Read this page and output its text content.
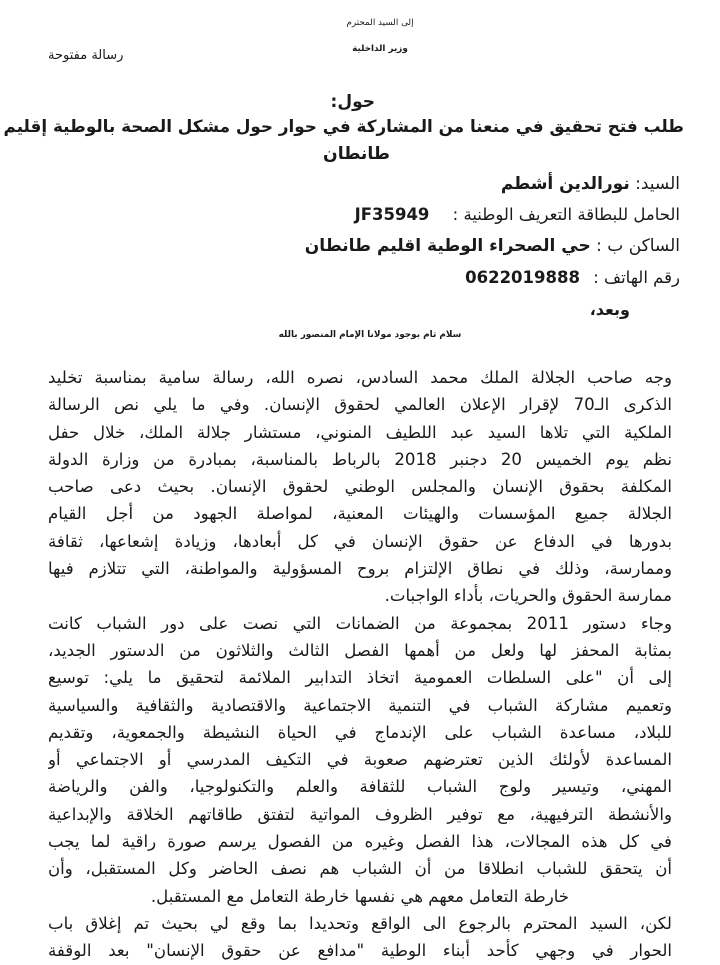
إلى السيد المحترم
وزير الداخلية
رسالة مفتوحة
حول:
طلب فتح تحقيق في منعنا من المشاركة في حوار حول مشكل الصحة بالوطية إقليم
طانطان
السيد: نورالدين أشطم
الحامل للبطاقة التعريف الوطنية : JF35949
الساكن ب : حي الصحراء الوطية اقليم طانطان
رقم الهاتف : 0622019888
وبعد،
سلام تام بوجود مولانا الإمام المنصور بالله
وجه صاحب الجلالة الملك محمد السادس، نصره الله، رسالة سامية بمناسبة تخليد
الذكرى الـ70 لإقرار الإعلان العالمي لحقوق الإنسان. وفي ما يلي نص الرسالة
الملكية التي تلاها السيد عبد اللطيف المنوني، مستشار جلالة الملك، خلال حفل
نظم يوم الخميس 20 دجنبر 2018 بالرباط بالمناسبة، بمبادرة من وزارة الدولة
المكلفة بحقوق الإنسان والمجلس الوطني لحقوق الإنسان. بحيث دعى صاحب
الجلالة جميع المؤسسات والهيئات المعنية، لمواصلة الجهود من أجل القيام
بدورها في الدفاع عن حقوق الإنسان في كل أبعادها، وزيادة إشعاعها، ثقافة
وممارسة، وذلك في نطاق الإلتزام بروح المسؤولية والمواطنة، التي تتلازم فيها
ممارسة الحقوق والحريات، بأداء الواجبات.
وجاء دستور 2011 بمجموعة من الضمانات التي نصت على دور الشباب كانت
بمثابة المحفز لها ولعل من أهمها الفصل الثالث والثلاثون من الدستور الجديد،
إلى أن "على السلطات العمومية اتخاذ التدابير الملائمة لتحقيق ما يلي: توسيع
وتعميم مشاركة الشباب في التنمية الاجتماعية والاقتصادية والثقافية والسياسية
للبلاد، مساعدة الشباب على الإندماج في الحياة النشيطة والجمعوية، وتقديم
المساعدة لأولئك الذين تعترضهم صعوبة في التكيف المدرسي أو الاجتماعي أو
المهني، وتيسير ولوج الشباب للثقافة والعلم والتكنولوجيا، والفن والرياضة
والأنشطة الترفيهية، مع توفير الظروف المواتية لتفتق طاقاتهم الخلاقة والإبداعية
في كل هذه المجالات، هذا الفصل وغيره من الفصول يرسم صورة راقية لما يجب
أن يتحقق للشباب انطلاقا من أن الشباب هم نصف الحاضر وكل المستقبل، وأن
خارطة التعامل معهم هي نفسها خارطة التعامل مع المستقبل.
لكن، السيد المحترم بالرجوع الى الواقع وتحديدا بما وقع لي بحيث تم إغلاق باب
الحوار في وجهي كأحد أبناء الوطية "مدافع عن حقوق الإنسان" بعد الوقفة
